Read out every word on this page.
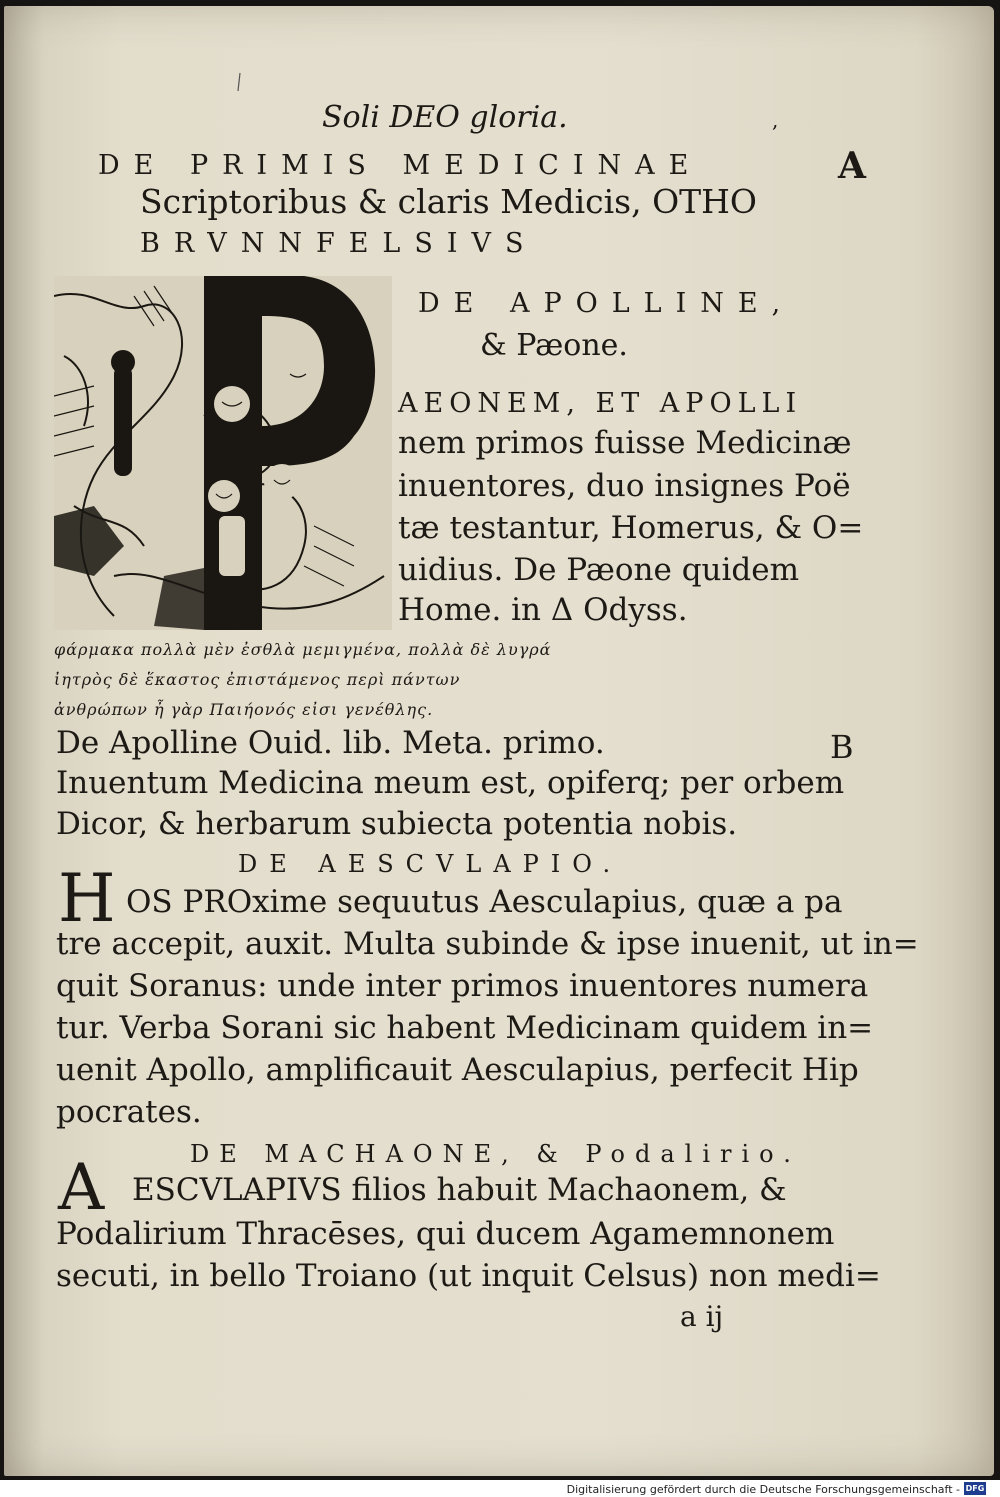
Soli DEO gloria.	,
A
DE PRIMIS MEDICINAE
Scriptoribus & claris Medicis, OTHO
BRVNNFELSIVS
DE APOLLINE,
& Pæone.
AEONEM, ET APOLLI
nem primos fuisse Medicinæ
inuentores, duo insignes Poë
tæ testantur, Homerus, & O=
uidius. De Pæone quidem
Home. in Δ Odyss.
φάρμακα πολλὰ μὲν ἐσθλὰ μεμιγμένα, πολλὰ δὲ λυγρά
ἰητρὸς δὲ ἕκαστος ἐπιστάμενος περὶ πάντων
ἀνθρώπων ἦ γὰρ Παιήονός εἰσι γενέθλης.
De Apolline Ouid. lib. Meta. primo.	B
Inuentum Medicina meum est, opiferq; per orbem
Dicor, & herbarum subiecta potentia nobis.
DE AESCVLAPIO.
H OS PROxime sequutus Aesculapius, quæ a pa
tre accepit, auxit. Multa subinde & ipse inuenit, ut in=
quit Soranus: unde inter primos inuentores numera
tur. Verba Sorani sic habent Medicinam quidem in=
uenit Apollo, amplificauit Aesculapius, perfecit Hip
pocrates.
DE MACHAONE, & Podalirio.
A ESCVLAPIVS filios habuit Machaonem, &
Podalirium Thracēses, qui ducem Agamemnonem
secuti, in bello Troiano (ut inquit Celsus) non medi=
a ij
Digitalisierung gefördert durch die Deutsche Forschungsgemeinschaft - DFG
